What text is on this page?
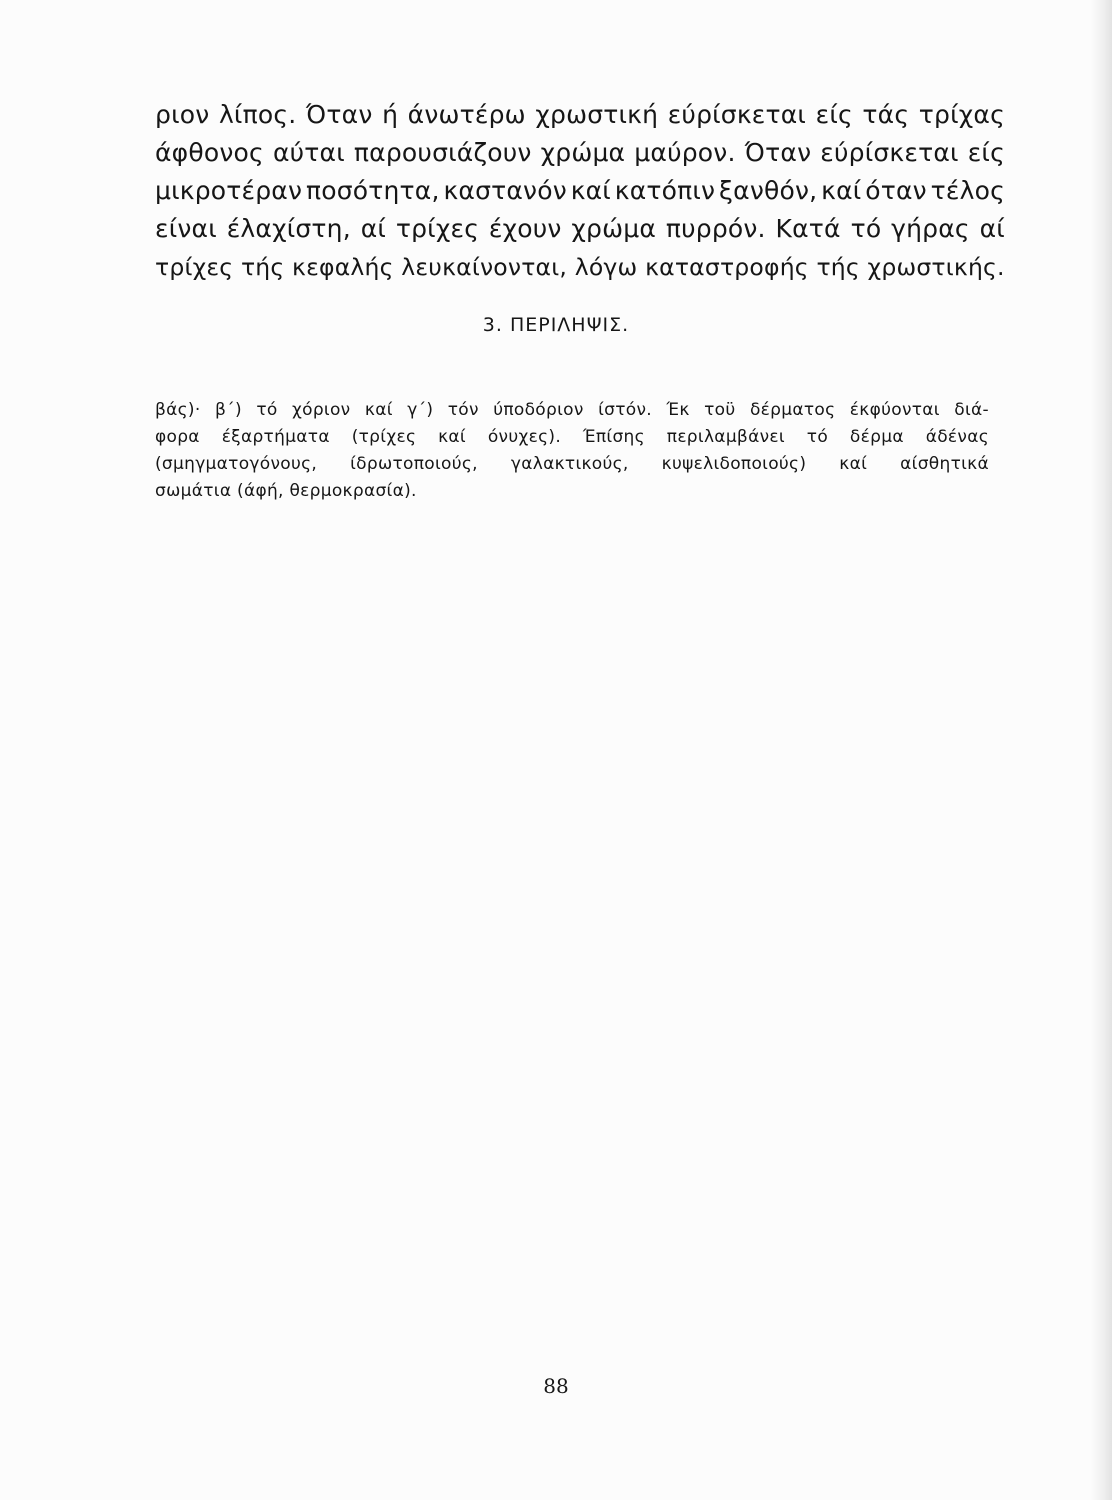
ριον λίπος. Όταν ή άνωτέρω χρωστική εύρίσκεται είς τάς τρίχας
άφθονος αύται παρουσιάζουν χρώμα μαύρον. Όταν εύρίσκεται είς
μικροτέραν ποσότητα, καστανόν καί κατόπιν ξανθόν, καί όταν τέλος
είναι έλαχίστη, αί τρίχες έχουν χρώμα πυρρόν. Κατά τό γήρας αί
τρίχες τής κεφαλής λευκαίνονται, λόγω καταστροφής τής χρωστικής.
3. ΠΕΡΙΛΗΨΙΣ.
βάς)· β΄) τό χόριον καί γ΄) τόν ύποδόριον ίστόν. Έκ τοϋ δέρματος έκφύονται διά-
φορα έξαρτήματα (τρίχες καί όνυχες). Έπίσης περιλαμβάνει τό δέρμα άδένας
(σμηγματογόνους, ίδρωτοποιούς, γαλακτικούς, κυψελιδοποιούς) καί αίσθητικά
σωμάτια (άφή, θερμοκρασία).
88
